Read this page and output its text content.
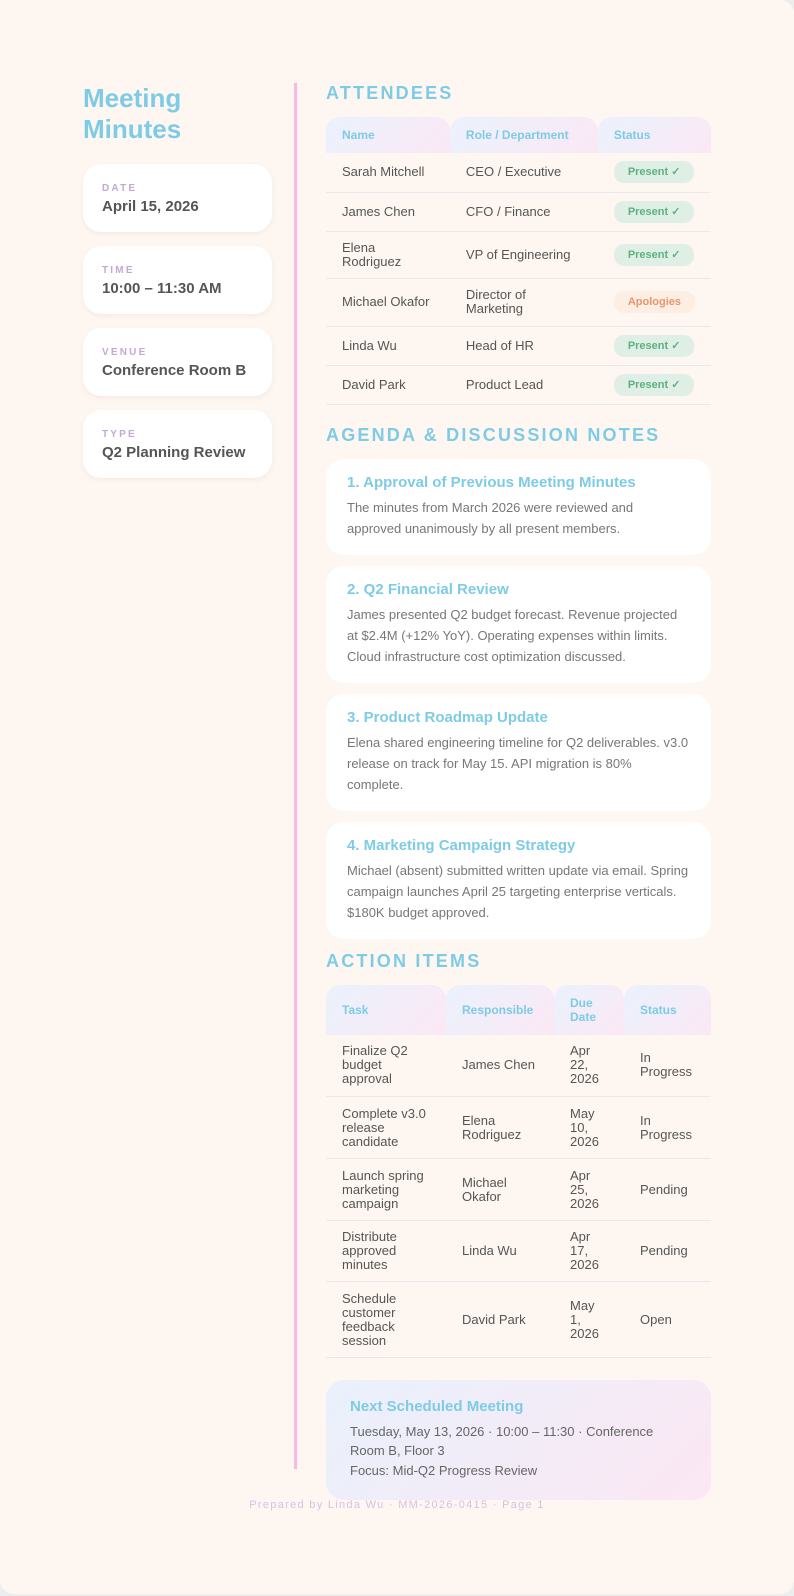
Meeting
Minutes
DATE
April 15, 2026
TIME
10:00 – 11:30 AM
VENUE
Conference Room B
TYPE
Q2 Planning Review
ATTENDEES
Name	Role / Department	Status
Sarah Mitchell	CEO / Executive	Present ✓
James Chen	CFO / Finance	Present ✓
Elena Rodriguez	VP of Engineering	Present ✓
Michael Okafor	Director of Marketing	Apologies
Linda Wu	Head of HR	Present ✓
David Park	Product Lead	Present ✓
AGENDA & DISCUSSION NOTES
1. Approval of Previous Meeting Minutes
The minutes from March 2026 were reviewed and approved unanimously by all present members.
2. Q2 Financial Review
James presented Q2 budget forecast. Revenue projected at $2.4M (+12% YoY). Operating expenses within limits. Cloud infrastructure cost optimization discussed.
3. Product Roadmap Update
Elena shared engineering timeline for Q2 deliverables. v3.0 release on track for May 15. API migration is 80% complete.
4. Marketing Campaign Strategy
Michael (absent) submitted written update via email. Spring campaign launches April 25 targeting enterprise verticals. $180K budget approved.
ACTION ITEMS
Task	Responsible	Due Date	Status
Finalize Q2 budget approval	James Chen	Apr 22, 2026	In Progress
Complete v3.0 release candidate	Elena Rodriguez	May 10, 2026	In Progress
Launch spring marketing campaign	Michael Okafor	Apr 25, 2026	Pending
Distribute approved minutes	Linda Wu	Apr 17, 2026	Pending
Schedule customer feedback session	David Park	May 1, 2026	Open
Next Scheduled Meeting
Tuesday, May 13, 2026 · 10:00 – 11:30 · Conference Room B, Floor 3
Focus: Mid-Q2 Progress Review
Prepared by Linda Wu · MM-2026-0415 · Page 1
